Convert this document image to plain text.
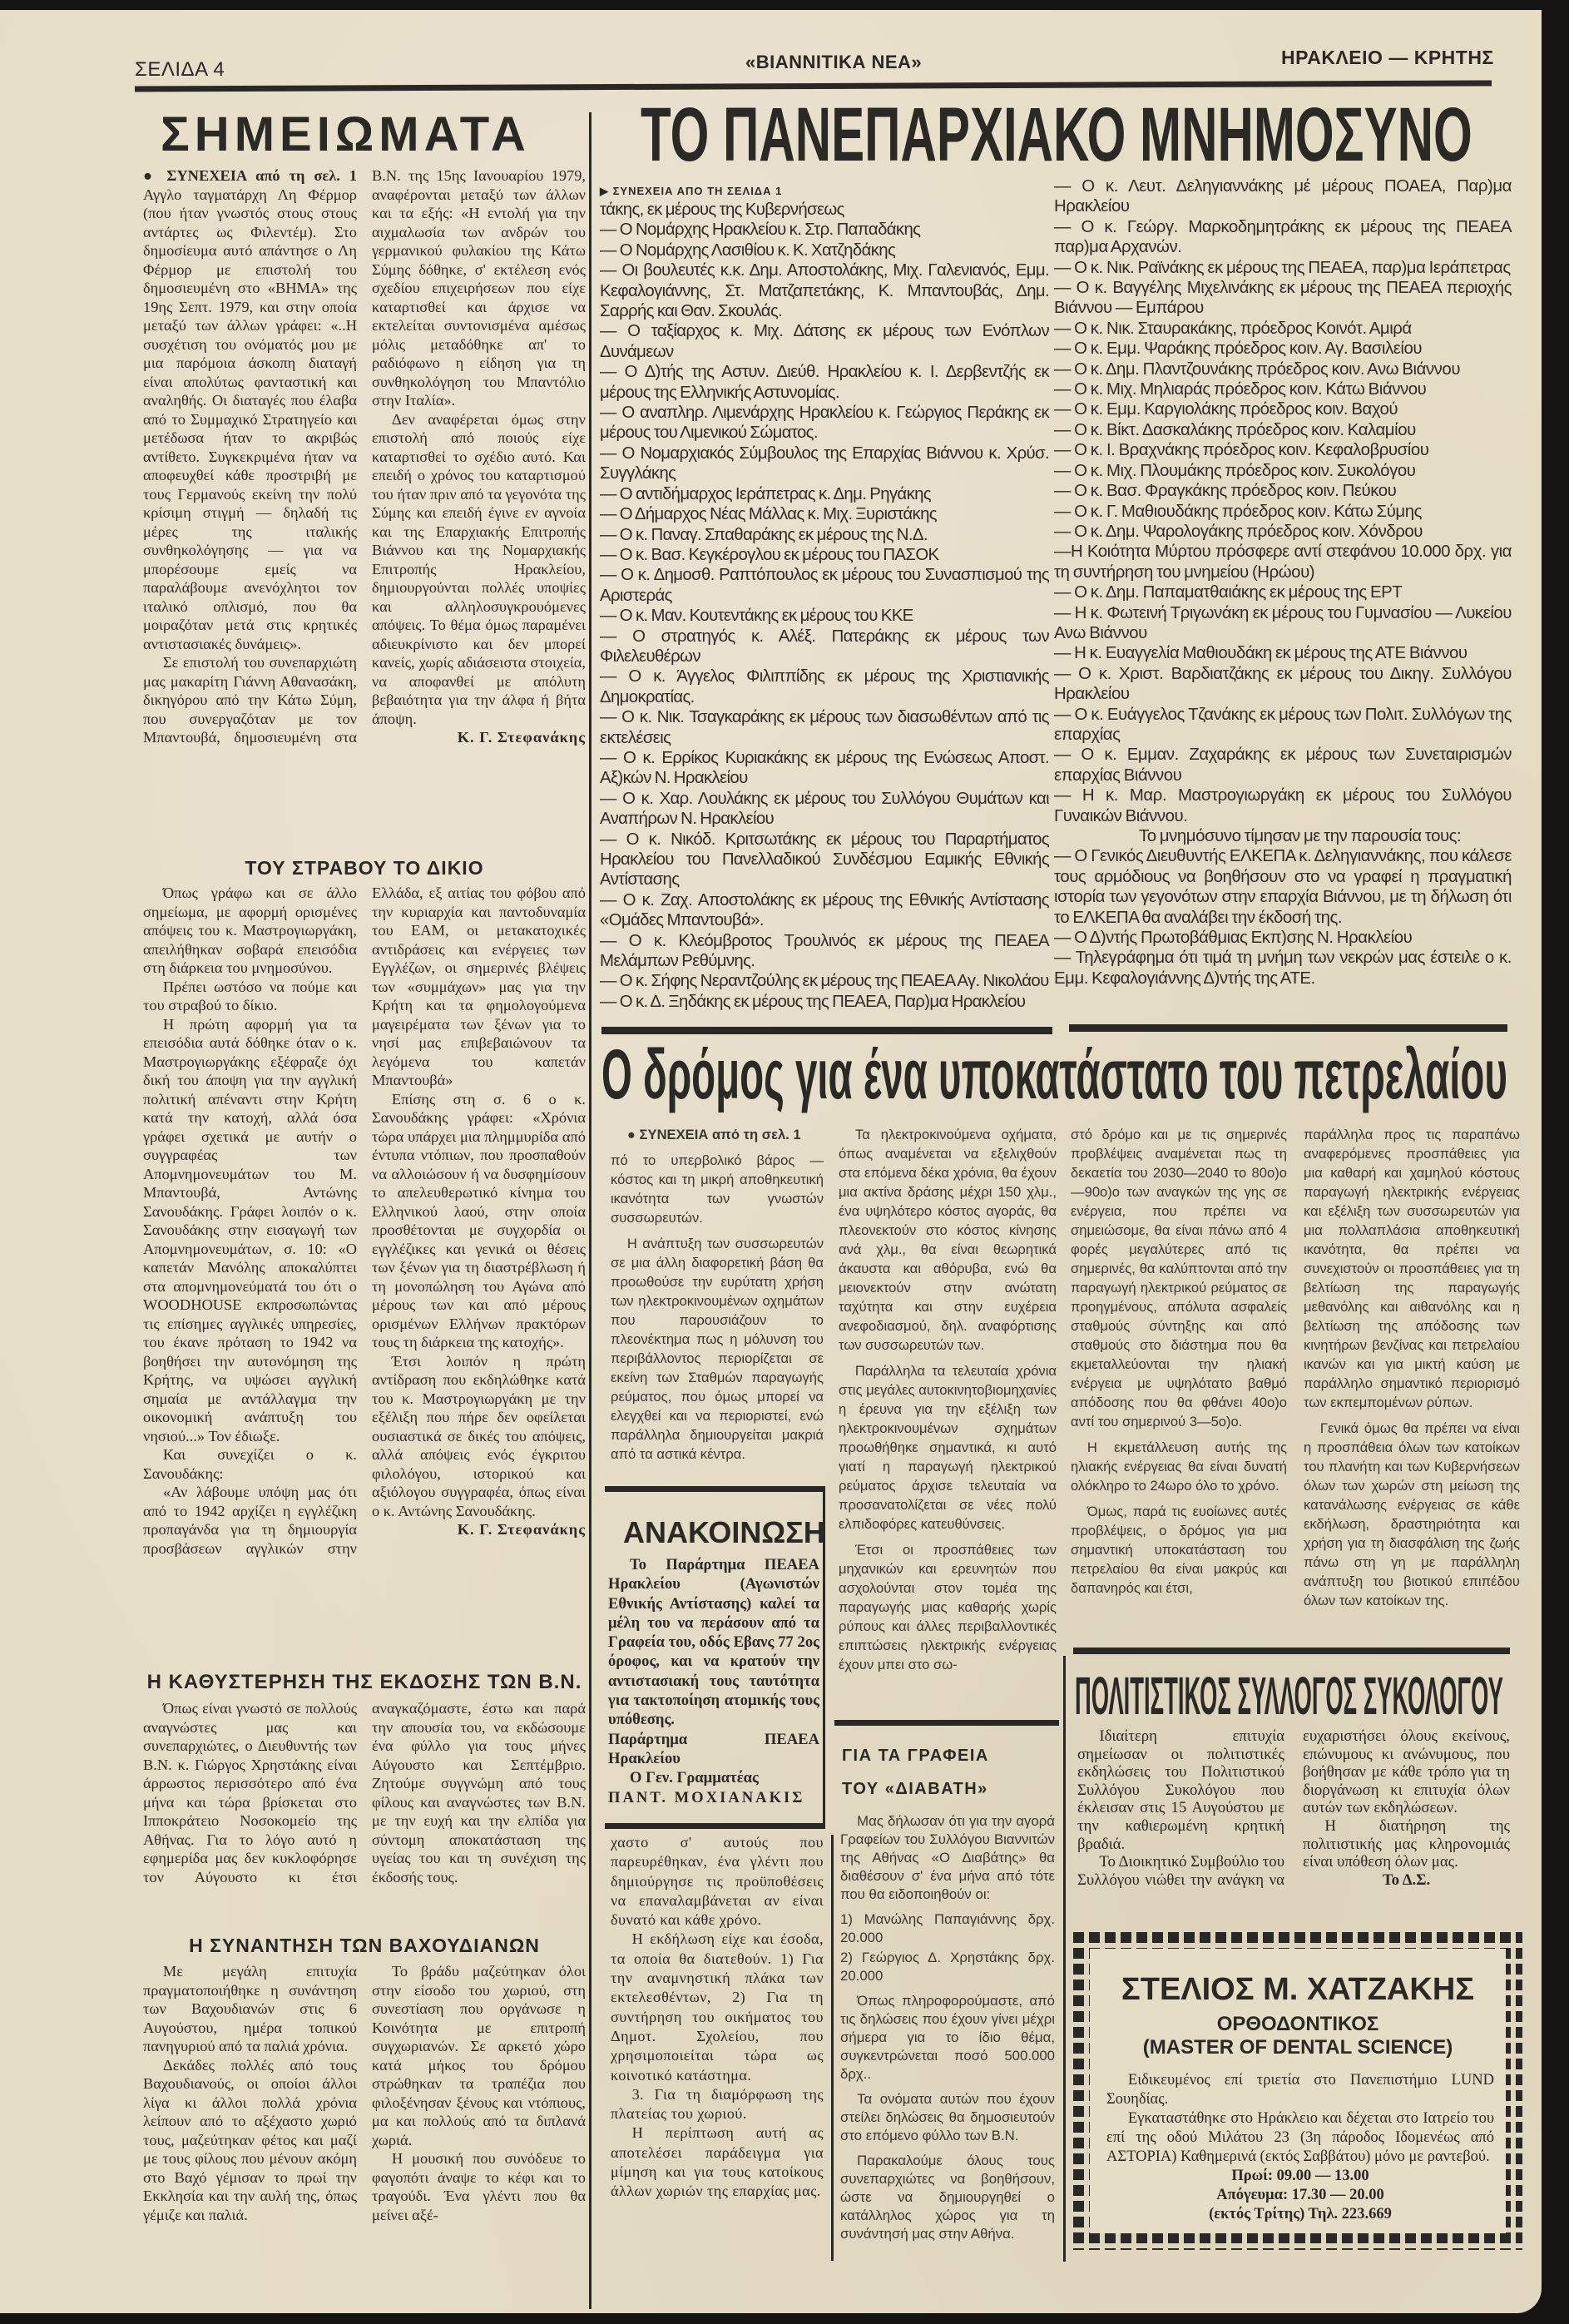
ΣΕΛΙΔΑ 4	«ΒΙΑΝΝΙΤΙΚΑ ΝΕΑ»	ΗΡΑΚΛΕΙΟ — ΚΡΗΤΗΣ
ΣΗΜΕΙΩΜΑΤΑ

● ΣΥΝΕΧΕΙΑ από τη σελ. 1 Αγγλο ταγματάρχη Λη Φέρμορ (που ήταν γνωστός στους στους αντάρτες ως Φιλεντέμ). Στο δημοσίευμα αυτό απάντησε ο Λη Φέρμορ με επιστολή του δημοσιευμένη στο «ΒΗΜΑ» της 19ης Σεπτ. 1979, και στην οποία μεταξύ των άλλων γράφει: «..Η συσχέτιση του ονόματός μου με μια παρόμοια άσκοπη διαταγή είναι απολύτως φανταστική και αναληθής. Οι διαταγές που έλαβα από το Συμμαχικό Στρατηγείο και μετέδωσα ήταν το ακριβώς αντίθετο. Συγκεκριμένα ήταν να αποφευχθεί κάθε προστριβή με τους Γερμανούς εκείνη την πολύ κρίσιμη στιγμή — δηλαδή τις μέρες της ιταλικής συνθηκολόγησης — για να μπορέσουμε εμείς να παραλάβουμε ανενόχλητοι τον ιταλικό οπλισμό, που θα μοιραζόταν μετά στις κρητικές αντιστασιακές δυνάμεις».

Σε επιστολή του συνεπαρχιώτη μας μακαρίτη Γιάννη Αθανασάκη, δικηγόρου από την Κάτω Σύμη, που συνεργαζόταν με τον Μπαντουβά, δημοσιευμένη στα Β.Ν. της 15ης Ιανουαρίου 1979, αναφέρονται μεταξύ των άλλων και τα εξής: «Η εντολή για την αιχμαλωσία των ανδρών του γερμανικού φυλακίου της Κάτω Σύμης δόθηκε, σ' εκτέλεση ενός σχεδίου επιχειρήσεων που είχε καταρτισθεί και άρχισε να εκτελείται συντονισμένα αμέσως μόλις μεταδόθηκε απ' το ραδιόφωνο η είδηση για τη συνθηκολόγηση του Μπαντόλιο στην Ιταλία».

Δεν αναφέρεται όμως στην επιστολή από ποιούς είχε καταρτισθεί το σχέδιο αυτό. Και επειδή ο χρόνος του καταρτισμού του ήταν πριν από τα γεγονότα της Σύμης και επειδή έγινε εν αγνοία και της Επαρχιακής Επιτροπής Βιάννου και της Νομαρχιακής Επιτροπής Ηρακλείου, δημιουργούνται πολλές υποψίες και αλληλοσυγκρουόμενες απόψεις. Το θέμα όμως παραμένει αδιευκρίνιστο και δεν μπορεί κανείς, χωρίς αδιάσειστα στοιχεία, να αποφανθεί με απόλυτη βεβαιότητα για την άλφα ή βήτα άποψη.

Κ. Γ. Στεφανάκης

ΤΟΥ ΣΤΡΑΒΟΥ ΤΟ ΔΙΚΙΟ

Όπως γράφω και σε άλλο σημείωμα, με αφορμή ορισμένες απόψεις του κ. Μαστρογιωργάκη, απειλήθηκαν σοβαρά επεισόδια στη διάρκεια του μνημοσύνου.

Πρέπει ωστόσο να πούμε και του στραβού το δίκιο.

Η πρώτη αφορμή για τα επεισόδια αυτά δόθηκε όταν ο κ. Μαστρογιωργάκης εξέφραζε όχι δική του άποψη για την αγγλική πολιτική απέναντι στην Κρήτη κατά την κατοχή, αλλά όσα γράφει σχετικά με αυτήν ο συγγραφέας των Απομνημονευμάτων του Μ. Μπαντουβά, Αντώνης Σανουδάκης. Γράφει λοιπόν ο κ. Σανουδάκης στην εισαγωγή των Απομνημονευμάτων, σ. 10: «Ο καπετάν Μανόλης αποκαλύπτει στα απομνημονεύματά του ότι ο WOODHOUSE εκπροσωπώντας τις επίσημες αγγλικές υπηρεσίες, του έκανε πρόταση το 1942 να βοηθήσει την αυτονόμηση της Κρήτης, να υψώσει αγγλική σημαία με αντάλλαγμα την οικονομική ανάπτυξη του νησιού...» Τον έδιωξε.

Και συνεχίζει ο κ. Σανουδάκης:

«Αν λάβουμε υπόψη μας ότι από το 1942 αρχίζει η εγγλέζικη προπαγάνδα για τη δημιουργία προσβάσεων αγγλικών στην Ελλάδα, εξ αιτίας του φόβου από την κυριαρχία και παντοδυναμία του ΕΑΜ, οι μετακατοχικές αντιδράσεις και ενέργειες των Εγγλέζων, οι σημερινές βλέψεις των «συμμάχων» μας για την Κρήτη και τα φημολογούμενα μαγειρέματα των ξένων για το νησί μας επιβεβαιώνουν τα λεγόμενα του καπετάν Μπαντουβά»

Επίσης στη σ. 6 ο κ. Σανουδάκης γράφει: «Χρόνια τώρα υπάρχει μια πλημμυρίδα από έντυπα ντόπιων, που προσπαθούν να αλλοιώσουν ή να δυσφημίσουν το απελευθερωτικό κίνημα του Ελληνικού λαού, στην οποία προσθέτονται με συγχορδία οι εγγλέζικες και γενικά οι θέσεις των ξένων για τη διαστρέβλωση ή τη μονοπώληση του Αγώνα από μέρους των και από μέρους ορισμένων Ελλήνων πρακτόρων τους τη διάρκεια της κατοχής».

Έτσι λοιπόν η πρώτη αντίδραση που εκδηλώθηκε κατά του κ. Μαστρογιωργάκη με την εξέλιξη που πήρε δεν οφείλεται ουσιαστικά σε δικές του απόψεις, αλλά απόψεις ενός έγκριτου φιλολόγου, ιστορικού και αξιόλογου συγγραφέα, όπως είναι ο κ. Αντώνης Σανουδάκης.

Κ. Γ. Στεφανάκης

Η ΚΑΘΥΣΤΕΡΗΣΗ ΤΗΣ ΕΚΔΟΣΗΣ ΤΩΝ Β.Ν.

Όπως είναι γνωστό σε πολλούς αναγνώστες μας και συνεπαρχιώτες, ο Διευθυντής των Β.Ν. κ. Γιώργος Χρηστάκης είναι άρρωστος περισσότερο από ένα μήνα και τώρα βρίσκεται στο Ιπποκράτειο Νοσοκομείο της Αθήνας. Για το λόγο αυτό η εφημερίδα μας δεν κυκλοφόρησε τον Αύγουστο κι έτσι αναγκαζόμαστε, έστω και παρά την απουσία του, να εκδώσουμε ένα φύλλο για τους μήνες Αύγουστο και Σεπτέμβριο. Ζητούμε συγγνώμη από τους φίλους και αναγνώστες των Β.Ν. με την ευχή και την ελπίδα για σύντομη αποκατάσταση της υγείας του και τη συνέχιση της έκδοσής τους.

Η ΣΥΝΑΝΤΗΣΗ ΤΩΝ ΒΑΧΟΥΔΙΑΝΩΝ

Με μεγάλη επιτυχία πραγματοποιήθηκε η συνάντηση των Βαχουδιανών στις 6 Αυγούστου, ημέρα τοπικού πανηγυριού από τα παλιά χρόνια.

Δεκάδες πολλές από τους Βαχουδιανούς, οι οποίοι άλλοι λίγα κι άλλοι πολλά χρόνια λείπουν από το αξέχαστο χωριό τους, μαζεύτηκαν φέτος και μαζί με τους φίλους που μένουν ακόμη στο Βαχό γέμισαν το πρωί την Εκκλησία και την αυλή της, όπως γέμιζε και παλιά.

Το βράδυ μαζεύτηκαν όλοι στην είσοδο του χωριού, στη συνεστίαση που οργάνωσε η Κοινότητα με επιτροπή συγχωριανών. Σε αρκετό χώρο κατά μήκος του δρόμου στρώθηκαν τα τραπέζια που φιλοξένησαν ξένους και ντόπιους, μα και πολλούς από τα διπλανά χωριά.

Η μουσική που συνόδευε το φαγοπότι άναψε το κέφι και το τραγούδι. Ένα γλέντι που θα μείνει αξέ-

ΤΟ ΠΑΝΕΠΑΡΧΙΑΚΟ ΜΝΗΜΟΣΥΝΟ
▶ ΣΥΝΕΧΕΙΑ ΑΠΟ ΤΗ ΣΕΛΙΔΑ 1

τάκης, εκ μέρους της Κυβερνήσεως

— Ο Νομάρχης Ηρακλείου κ. Στρ. Παπαδάκης

— Ο Νομάρχης Λασιθίου κ. Κ. Χατζηδάκης

— Οι βουλευτές κ.κ. Δημ. Αποστολάκης, Μιχ. Γαλενιανός, Εμμ. Κεφαλογιάννης, Στ. Ματζαπετάκης, Κ. Μπαντουβάς, Δημ. Σαρρής και Θαν. Σκουλάς.

— Ο ταξίαρχος κ. Μιχ. Δάτσης εκ μέρους των Ενόπλων Δυνάμεων

— Ο Δ)τής της Αστυν. Διεύθ. Ηρακλείου κ. Ι. Δερβεντζής εκ μέρους της Ελληνικής Αστυνομίας.

— Ο αναπληρ. Λιμενάρχης Ηρακλείου κ. Γεώργιος Περάκης εκ μέρους του Λιμενικού Σώματος.

— Ο Νομαρχιακός Σύμβουλος της Επαρχίας Βιάννου κ. Χρύσ. Συγγλάκης

— Ο αντιδήμαρχος Ιεράπετρας κ. Δημ. Ρηγάκης

— Ο Δήμαρχος Νέας Μάλλας κ. Μιχ. Ξυριστάκης

— Ο κ. Παναγ. Σπαθαράκης εκ μέρους της Ν.Δ.

— Ο κ. Βασ. Κεγκέρογλου εκ μέρους του ΠΑΣΟΚ

— Ο κ. Δημοσθ. Ραπτόπουλος εκ μέρους του Συνασπισμού της Αριστεράς

— Ο κ. Μαν. Κουτεντάκης εκ μέρους του ΚΚΕ

— Ο στρατηγός κ. Αλέξ. Πατεράκης εκ μέρους των Φιλελευθέρων

— Ο κ. Άγγελος Φιλιππίδης εκ μέρους της Χριστιανικής Δημοκρατίας.

— Ο κ. Νικ. Τσαγκαράκης εκ μέρους των διασωθέντων από τις εκτελέσεις

— Ο κ. Ερρίκος Κυριακάκης εκ μέρους της Ενώσεως Αποστ. Αξ)κών Ν. Ηρακλείου

— Ο κ. Χαρ. Λουλάκης εκ μέρους του Συλλόγου Θυμάτων και Αναπήρων Ν. Ηρακλείου

— Ο κ. Νικόδ. Κριτσωτάκης εκ μέρους του Παραρτήματος Ηρακλείου του Πανελλαδικού Συνδέσμου Εαμικής Εθνικής Αντίστασης

— Ο κ. Ζαχ. Αποστολάκης εκ μέρους της Εθνικής Αντίστασης «Ομάδες Μπαντουβά».

— Ο κ. Κλεόμβροτος Τρουλινός εκ μέρους της ΠΕΑΕΑ Μελάμπων Ρεθύμνης.

— Ο κ. Σήφης Νεραντζούλης εκ μέρους της ΠΕΑΕΑ Αγ. Νικολάου

— Ο κ. Δ. Ξηδάκης εκ μέρους της ΠΕΑΕΑ, Παρ)μα Ηρακλείου

— Ο κ. Λευτ. Δεληγιαννάκης μέ μέρους ΠΟΑΕΑ, Παρ)μα Ηρακλείου

— Ο κ. Γεώργ. Μαρκοδημητράκης εκ μέρους της ΠΕΑΕΑ παρ)μα Αρχανών.

— Ο κ. Νικ. Ραϊνάκης εκ μέρους της ΠΕΑΕΑ, παρ)μα Ιεράπετρας

— Ο κ. Βαγγέλης Μιχελινάκης εκ μέρους της ΠΕΑΕΑ περιοχής Βιάννου — Εμπάρου

— Ο κ. Νικ. Σταυρακάκης, πρόεδρος Κοινότ. Αμιρά

— Ο κ. Εμμ. Ψαράκης πρόεδρος κοιν. Αγ. Βασιλείου

— Ο κ. Δημ. Πλαντζουνάκης πρόεδρος κοιν. Ανω Βιάννου

— Ο κ. Μιχ. Μηλιαράς πρόεδρος κοιν. Κάτω Βιάννου

— Ο κ. Εμμ. Καργιολάκης πρόεδρος κοιν. Βαχού

— Ο κ. Βίκτ. Δασκαλάκης πρόεδρος κοιν. Καλαμίου

— Ο κ. Ι. Βραχνάκης πρόεδρος κοιν. Κεφαλοβρυσίου

— Ο κ. Μιχ. Πλουμάκης πρόεδρος κοιν. Συκολόγου

— Ο κ. Βασ. Φραγκάκης πρόεδρος κοιν. Πεύκου

— Ο κ. Γ. Μαθιουδάκης πρόεδρος κοιν. Κάτω Σύμης

— Ο κ. Δημ. Ψαρολογάκης πρόεδρος κοιν. Χόνδρου

—Η Κοιότητα Μύρτου πρόσφερε αντί στεφάνου 10.000 δρχ. για τη συντήρηση του μνημείου (Ηρώου)

— Ο κ. Δημ. Παπαματθαιάκης εκ μέρους της ΕΡΤ

— Η κ. Φωτεινή Τριγωνάκη εκ μέρους του Γυμνασίου — Λυκείου Ανω Βιάννου

— Η κ. Ευαγγελία Μαθιουδάκη εκ μέρους της ΑΤΕ Βιάννου

— Ο κ. Χριστ. Βαρδιατζάκης εκ μέρους του Δικηγ. Συλλόγου Ηρακλείου

— Ο κ. Ευάγγελος Τζανάκης εκ μέρους των Πολιτ. Συλλόγων της επαρχίας

— Ο κ. Εμμαν. Ζαχαράκης εκ μέρους των Συνεταιρισμών επαρχίας Βιάννου

— Η κ. Μαρ. Μαστρογιωργάκη εκ μέρους του Συλλόγου Γυναικών Βιάννου.

Το μνημόσυνο τίμησαν με την παρουσία τους:

— Ο Γενικός Διευθυντής ΕΛΚΕΠΑ κ. Δεληγιαννάκης, που κάλεσε τους αρμόδιους να βοηθήσουν στο να γραφεί η πραγματική ιστορία των γεγονότων στην επαρχία Βιάννου, με τη δήλωση ότι το ΕΛΚΕΠΑ θα αναλάβει την έκδοσή της.

— Ο Δ)ντής Πρωτοβάθμιας Εκπ)σης Ν. Ηρακλείου

— Τηλεγράφημα ότι τιμά τη μνήμη των νεκρών μας έστειλε ο κ. Εμμ. Κεφαλογιάννης Δ)ντής της ΑΤΕ.

Ο δρόμος για ένα υποκατάστατο του πετρελαίου

● ΣΥΝΕΧΕΙΑ από τη σελ. 1

πό το υπερβολικό βάρος — κόστος και τη μικρή αποθηκευτική ικανότητα των γνωστών συσσωρευτών.

Η ανάπτυξη των συσσωρευτών σε μια άλλη διαφορετική βάση θα προωθούσε την ευρύτατη χρήση των ηλεκτροκινουμένων οχημάτων που παρουσιάζουν το πλεονέκτημα πως η μόλυνση του περιβάλλοντος περιορίζεται σε εκείνη των Σταθμών παραγωγής ρεύματος, που όμως μπορεί να ελεγχθεί και να περιοριστεί, ενώ παράλληλα δημιουργείται μακριά από τα αστικά κέντρα.

Τα ηλεκτροκινούμενα οχήματα, όπως αναμένεται να εξελιχθούν στα επόμενα δέκα χρόνια, θα έχουν μια ακτίνα δράσης μέχρι 150 χλμ., ένα υψηλότερο κόστος αγοράς, θα πλεονεκτούν στο κόστος κίνησης ανά χλμ., θα είναι θεωρητικά άκαυστα και αθόρυβα, ενώ θα μειονεκτούν στην ανώτατη ταχύτητα και στην ευχέρεια ανεφοδιασμού, δηλ. αναφόρτισης των συσσωρευτών των.

Παράλληλα τα τελευταία χρόνια στις μεγάλες αυτοκινητοβιομηχανίες η έρευνα για την εξέλιξη των ηλεκτροκινουμένων σχημάτων προωθήθηκε σημαντικά, κι αυτό γιατί η παραγωγή ηλεκτρικού ρεύματος άρχισε τελευταία να προσανατολίζεται σε νέες πολύ ελπιδοφόρες κατευθύνσεις.

Έτσι οι προσπάθειες των μηχανικών και ερευνητών που ασχολούνται στον τομέα της παραγωγής μιας καθαρής χωρίς ρύπους και άλλες περιβαλλοντικές επιπτώσεις ηλεκτρικής ενέργειας έχουν μπει στο σω-

στό δρόμο και με τις σημερινές προβλέψεις αναμένεται πως τη δεκαετία του 2030—2040 το 80ο)ο—90ο)ο των αναγκών της γης σε ενέργεια, που πρέπει να σημειώσομε, θα είναι πάνω από 4 φορές μεγαλύτερες από τις σημερινές, θα καλύπτονται από την παραγωγή ηλεκτρικού ρεύματος σε προηγμένους, απόλυτα ασφαλείς σταθμούς σύντηξης και από σταθμούς στο διάστημα που θα εκμεταλλεύονται την ηλιακή ενέργεια με υψηλότατο βαθμό απόδοσης που θα φθάνει 40ο)ο αντί του σημερινού 3—5ο)ο.

Η εκμετάλλευση αυτής της ηλιακής ενέργειας θα είναι δυνατή ολόκληρο το 24ωρο όλο το χρόνο.

Όμως, παρά τις ευοίωνες αυτές προβλέψεις, ο δρόμος για μια σημαντική υποκατάσταση του πετρελαίου θα είναι μακρύς και δαπανηρός και έτσι,

παράλληλα προς τις παραπάνω αναφερόμενες προσπάθειες για μια καθαρή και χαμηλού κόστους παραγωγή ηλεκτρικής ενέργειας και εξέλιξη των συσσωρευτών για μια πολλαπλάσια αποθηκευτική ικανότητα, θα πρέπει να συνεχιστούν οι προσπάθειες για τη βελτίωση της παραγωγής μεθανόλης και αιθανόλης και η βελτίωση της απόδοσης των κινητήρων βενζίνας και πετρελαίου ικανών και για μικτή καύση με παράλληλο σημαντικό περιορισμό των εκπεμπομένων ρύπων.

Γενικά όμως θα πρέπει να είναι η προσπάθεια όλων των κατοίκων του πλανήτη και των Κυβερνήσεων όλων των χωρών στη μείωση της κατανάλωσης ενέργειας σε κάθε εκδήλωση, δραστηριότητα και χρήση για τη διασφάλιση της ζωής πάνω στη γη με παράλληλη ανάπτυξη του βιοτικού επιπέδου όλων των κατοίκων της.

ΑΝΑΚΟΙΝΩΣΗ

Το Παράρτημα ΠΕΑΕΑ Ηρακλείου (Αγωνιστών Εθνικής Αντίστασης) καλεί τα μέλη του να περάσουν από τα Γραφεία του, οδός Εβανς 77 2ος όροφος, και να κρατούν την αντιστασιακή τους ταυτότητα για τακτοποίηση ατομικής τους υπόθεσης.

Παράρτημα ΠΕΑΕΑ Ηρακλείου

Ο Γεν. Γραμματέας

ΠΑΝΤ. ΜΟΧΙΑΝΑΚΙΣ

χαστο σ' αυτούς που παρευρέθηκαν, ένα γλέντι που δημιούργησε τις προϋποθέσεις να επαναλαμβάνεται αν είναι δυνατό και κάθε χρόνο.

Η εκδήλωση είχε και έσοδα, τα οποία θα διατεθούν. 1) Για την αναμνηστική πλάκα των εκτελεσθέντων, 2) Για τη συντήρηση του οικήματος του Δημοτ. Σχολείου, που χρησιμοποιείται τώρα ως κοινοτικό κατάστημα.

3. Για τη διαμόρφωση της πλατείας του χωριού.

Η περίπτωση αυτή ας αποτελέσει παράδειγμα για μίμηση και για τους κατοίκους άλλων χωριών της επαρχίας μας.

ΓΙΑ ΤΑ ΓΡΑΦΕΙΑ
ΤΟΥ «ΔΙΑΒΑΤΗ»

Μας δήλωσαν ότι για την αγορά Γραφείων του Συλλόγου Βιαννιτών της Αθήνας «Ο Διαβάτης» θα διαθέσουν σ' ένα μήνα από τότε που θα ειδοποιηθούν οι:

1) Μανώλης Παπαγιάννης δρχ. 20.000

2) Γεώργιος Δ. Χρηστάκης δρχ. 20.000

Όπως πληροφορούμαστε, από τις δηλώσεις που έχουν γίνει μέχρι σήμερα για το ίδιο θέμα, συγκεντρώνεται ποσό 500.000 δρχ..

Τα ονόματα αυτών που έχουν στείλει δηλώσεις θα δημοσιευτούν στο επόμενο φύλλο των Β.Ν.

Παρακαλούμε όλους τους συνεπαρχιώτες να βοηθήσουν, ώστε να δημιουργηθεί ο κατάλληλος χώρος για τη συνάντησή μας στην Αθήνα.

ΠΟΛΙΤΙΣΤΙΚΟΣ ΣΥΛΛΟΓΟΣ ΣΥΚΟΛΟΓΟΥ

Ιδιαίτερη επιτυχία σημείωσαν οι πολιτιστικές εκδηλώσεις του Πολιτιστικού Συλλόγου Συκολόγου που έκλεισαν στις 15 Αυγούστου με την καθιερωμένη κρητική βραδιά.

Το Διοικητικό Συμβούλιο του Συλλόγου νιώθει την ανάγκη να ευχαριστήσει όλους εκείνους, επώνυμους κι ανώνυμους, που βοήθησαν με κάθε τρόπο για τη διοργάνωση κι επιτυχία όλων αυτών των εκδηλώσεων.

Η διατήρηση της πολιτιστικής μας κληρονομιάς είναι υπόθεση όλων μας.

Το Δ.Σ.

ΣΤΕΛΙΟΣ Μ. ΧΑΤΖΑΚΗΣ
ΟΡΘΟΔΟΝΤΙΚΟΣ
(MASTER OF DENTAL SCIENCE)

Ειδικευμένος επί τριετία στο Πανεπιστήμιο LUND Σουηδίας.

Εγκαταστάθηκε στο Ηράκλειο και δέχεται στο Ιατρείο του επί της οδού Μιλάτου 23 (3η πάροδος Ιδομενέως από ΑΣΤΟΡΙΑ) Καθημερινά (εκτός Σαββάτου) μόνο με ραντεβού.

Πρωί: 09.00 — 13.00

Απόγευμα: 17.30 — 20.00

(εκτός Τρίτης) Τηλ. 223.669
